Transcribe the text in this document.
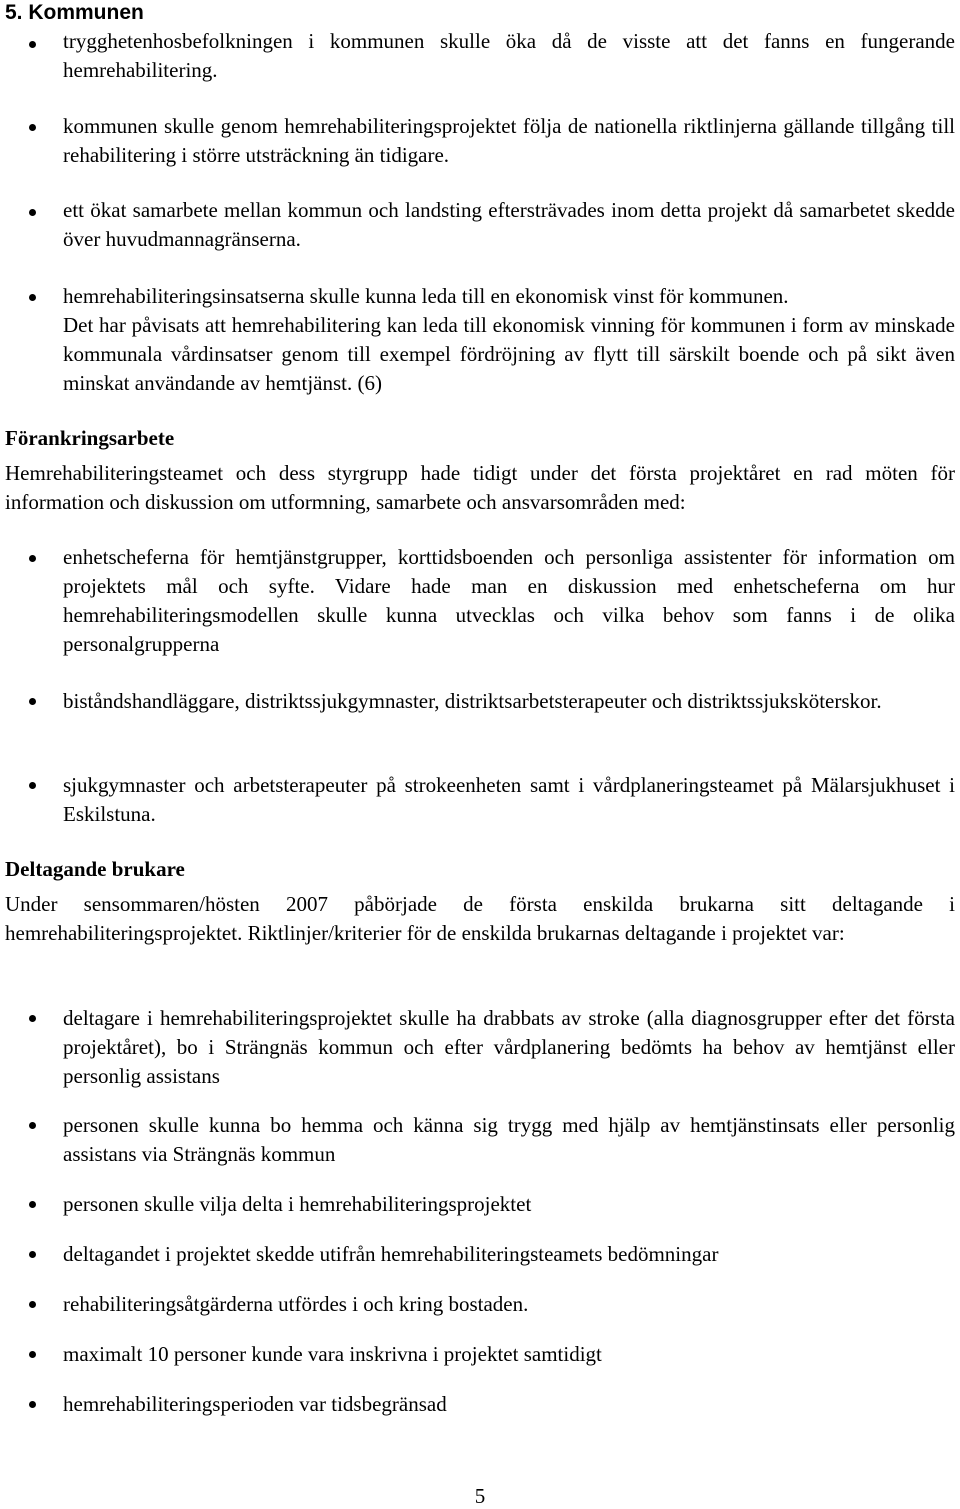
5. Kommunen

trygghetenhosbefolkningen i kommunen skulle öka då de visste att det fanns en fungerande hemrehabilitering.

kommunen skulle genom hemrehabiliteringsprojektet följa de nationella riktlinjerna gällande tillgång till rehabilitering i större utsträckning än tidigare.

ett ökat samarbete mellan kommun och landsting eftersträvades inom detta projekt då samarbetet skedde över huvudmannagränserna.

hemrehabiliteringsinsatserna skulle kunna leda till en ekonomisk vinst för kommunen.

Det har påvisats att hemrehabilitering kan leda till ekonomisk vinning för kommunen i form av minskade kommunala vårdinsatser genom till exempel fördröjning av flytt till särskilt boende och på sikt även minskat användande av hemtjänst. (6)

Förankringsarbete

Hemrehabiliteringsteamet och dess styrgrupp hade tidigt under det första projektåret en rad möten för information och diskussion om utformning, samarbete och ansvarsområden med:

enhetscheferna för hemtjänstgrupper, korttidsboenden och personliga assistenter för information om projektets mål och syfte. Vidare hade man en diskussion med enhetscheferna om hur hemrehabiliteringsmodellen skulle kunna utvecklas och vilka behov som fanns i de olika personalgrupperna

biståndshandläggare, distriktssjukgymnaster, distriktsarbetsterapeuter och distriktssjuksköterskor.

sjukgymnaster och arbetsterapeuter på strokeenheten samt i vårdplaneringsteamet på Mälarsjukhuset i Eskilstuna.

Deltagande brukare

Under sensommaren/hösten 2007 påbörjade de första enskilda brukarna sitt deltagande i hemrehabiliteringsprojektet. Riktlinjer/kriterier för de enskilda brukarnas deltagande i projektet var:

deltagare i hemrehabiliteringsprojektet skulle ha drabbats av stroke (alla diagnosgrupper efter det första projektåret), bo i Strängnäs kommun och efter vårdplanering bedömts ha behov av hemtjänst eller personlig assistans

personen skulle kunna bo hemma och känna sig trygg med hjälp av hemtjänstinsats eller personlig assistans via Strängnäs kommun

personen skulle vilja delta i hemrehabiliteringsprojektet

deltagandet i projektet skedde utifrån hemrehabiliteringsteamets bedömningar

rehabiliteringsåtgärderna utfördes i och kring bostaden.

maximalt 10 personer kunde vara inskrivna i projektet samtidigt

hemrehabiliteringsperioden var tidsbegränsad

5
